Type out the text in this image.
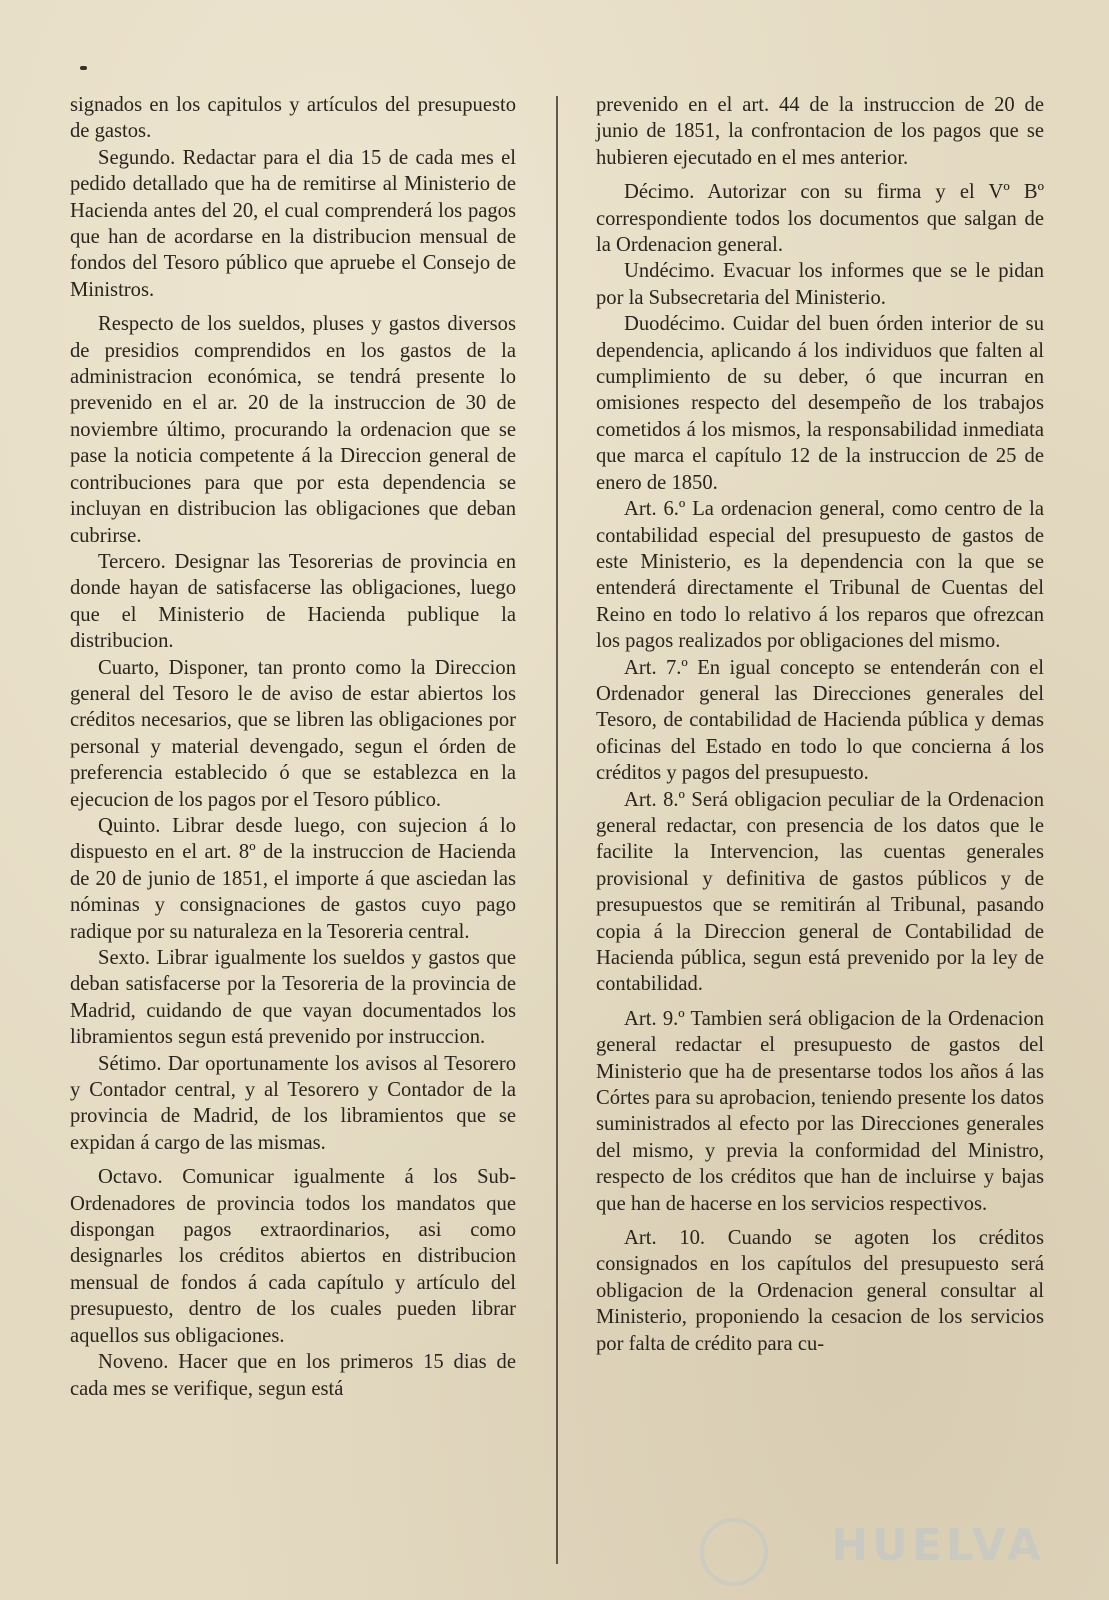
signados en los capitulos y artículos del presupuesto de gastos.

Segundo. Redactar para el dia 15 de cada mes el pedido detallado que ha de remitirse al Ministerio de Hacienda antes del 20, el cual comprenderá los pagos que han de acordarse en la distribucion mensual de fondos del Tesoro público que apruebe el Consejo de Ministros.

Respecto de los sueldos, pluses y gastos diversos de presidios comprendidos en los gastos de la administracion económica, se tendrá presente lo prevenido en el ar. 20 de la instruccion de 30 de noviembre último, procurando la ordenacion que se pase la noticia competente á la Direccion general de contribuciones para que por esta dependencia se incluyan en distribucion las obligaciones que deban cubrirse.

Tercero. Designar las Tesorerias de provincia en donde hayan de satisfacerse las obligaciones, luego que el Ministerio de Hacienda publique la distribucion.

Cuarto, Disponer, tan pronto como la Direccion general del Tesoro le de aviso de estar abiertos los créditos necesarios, que se libren las obligaciones por personal y material devengado, segun el órden de preferencia establecido ó que se establezca en la ejecucion de los pagos por el Tesoro público.

Quinto. Librar desde luego, con sujecion á lo dispuesto en el art. 8º de la instruccion de Hacienda de 20 de junio de 1851, el importe á que asciedan las nóminas y consignaciones de gastos cuyo pago radique por su naturaleza en la Tesoreria central.

Sexto. Librar igualmente los sueldos y gastos que deban satisfacerse por la Tesoreria de la provincia de Madrid, cuidando de que vayan documentados los libramientos segun está prevenido por instruccion.

Sétimo. Dar oportunamente los avisos al Tesorero y Contador central, y al Tesorero y Contador de la provincia de Madrid, de los libramientos que se expidan á cargo de las mismas.

Octavo. Comunicar igualmente á los Sub-Ordenadores de provincia todos los mandatos que dispongan pagos extraordinarios, asi como designarles los créditos abiertos en distribucion mensual de fondos á cada capítulo y artículo del presupuesto, dentro de los cuales pueden librar aquellos sus obligaciones.

Noveno. Hacer que en los primeros 15 dias de cada mes se verifique, segun está

prevenido en el art. 44 de la instruccion de 20 de junio de 1851, la confrontacion de los pagos que se hubieren ejecutado en el mes anterior.

Décimo. Autorizar con su firma y el Vº Bº correspondiente todos los documentos que salgan de la Ordenacion general.

Undécimo. Evacuar los informes que se le pidan por la Subsecretaria del Ministerio.

Duodécimo. Cuidar del buen órden interior de su dependencia, aplicando á los individuos que falten al cumplimiento de su deber, ó que incurran en omisiones respecto del desempeño de los trabajos cometidos á los mismos, la responsabilidad inmediata que marca el capítulo 12 de la instruccion de 25 de enero de 1850.

Art. 6.º La ordenacion general, como centro de la contabilidad especial del presupuesto de gastos de este Ministerio, es la dependencia con la que se entenderá directamente el Tribunal de Cuentas del Reino en todo lo relativo á los reparos que ofrezcan los pagos realizados por obligaciones del mismo.

Art. 7.º En igual concepto se entenderán con el Ordenador general las Direcciones generales del Tesoro, de contabilidad de Hacienda pública y demas oficinas del Estado en todo lo que concierna á los créditos y pagos del presupuesto.

Art. 8.º Será obligacion peculiar de la Ordenacion general redactar, con presencia de los datos que le facilite la Intervencion, las cuentas generales provisional y definitiva de gastos públicos y de presupuestos que se remitirán al Tribunal, pasando copia á la Direccion general de Contabilidad de Hacienda pública, segun está prevenido por la ley de contabilidad.

Art. 9.º Tambien será obligacion de la Ordenacion general redactar el presupuesto de gastos del Ministerio que ha de presentarse todos los años á las Córtes para su aprobacion, teniendo presente los datos suministrados al efecto por las Direcciones generales del mismo, y previa la conformidad del Ministro, respecto de los créditos que han de incluirse y bajas que han de hacerse en los servicios respectivos.

Art. 10. Cuando se agoten los créditos consignados en los capítulos del presupuesto será obligacion de la Ordenacion general consultar al Ministerio, proponiendo la cesacion de los servicios por falta de crédito para cu-

HUELVA
